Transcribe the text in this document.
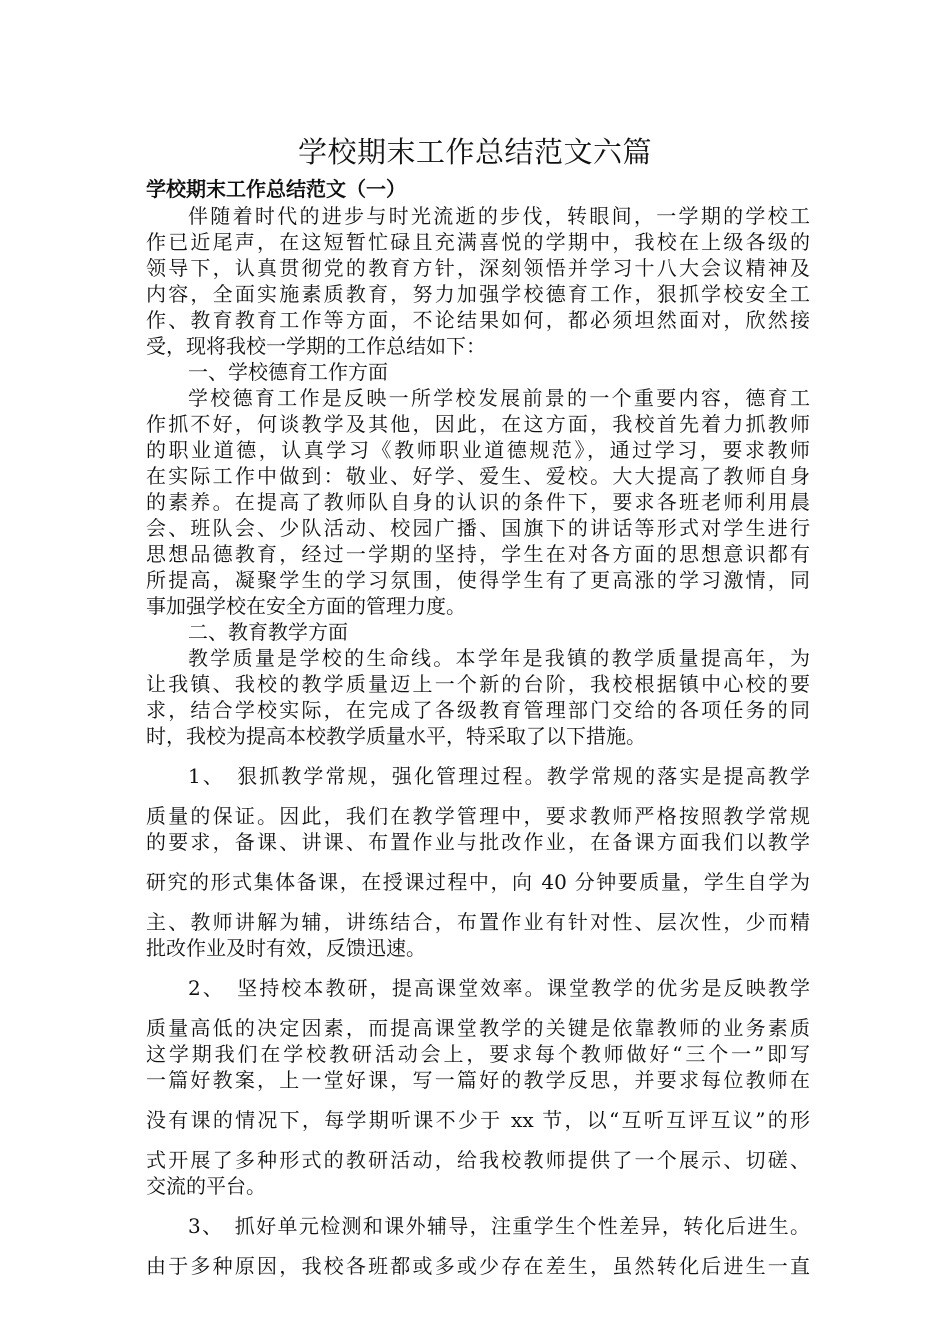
学校期末工作总结范文六篇
学校期末工作总结范文（一）
伴随着时代的进步与时光流逝的步伐，转眼间，一学期的学校工
作已近尾声，在这短暂忙碌且充满喜悦的学期中，我校在上级各级的
领导下，认真贯彻党的教育方针，深刻领悟并学习十八大会议精神及
内容，全面实施素质教育，努力加强学校德育工作，狠抓学校安全工
作、教育教育工作等方面，不论结果如何，都必须坦然面对，欣然接
受，现将我校一学期的工作总结如下：
一、学校德育工作方面
学校德育工作是反映一所学校发展前景的一个重要内容，德育工
作抓不好，何谈教学及其他，因此，在这方面，我校首先着力抓教师
的职业道德，认真学习《教师职业道德规范》，通过学习，要求教师
在实际工作中做到：敬业、好学、爱生、爱校。大大提高了教师自身
的素养。在提高了教师队自身的认识的条件下，要求各班老师利用晨
会、班队会、少队活动、校园广播、国旗下的讲话等形式对学生进行
思想品德教育，经过一学期的坚持，学生在对各方面的思想意识都有
所提高，凝聚学生的学习氛围，使得学生有了更高涨的学习激情，同
事加强学校在安全方面的管理力度。
二、教育教学方面
教学质量是学校的生命线。本学年是我镇的教学质量提高年，为
让我镇、我校的教学质量迈上一个新的台阶，我校根据镇中心校的要
求，结合学校实际，在完成了各级教育管理部门交给的各项任务的同
时，我校为提高本校教学质量水平，特采取了以下措施。
1、　狠抓教学常规，强化管理过程。教学常规的落实是提高教学
质量的保证。因此，我们在教学管理中，要求教师严格按照教学常规
的要求，备课、讲课、布置作业与批改作业，在备课方面我们以教学
研究的形式集体备课，在授课过程中，向 40 分钟要质量，学生自学为
主、教师讲解为辅，讲练结合，布置作业有针对性、层次性，少而精
批改作业及时有效，反馈迅速。
2、　坚持校本教研，提高课堂效率。课堂教学的优劣是反映教学
质量高低的决定因素，而提高课堂教学的关键是依靠教师的业务素质
这学期我们在学校教研活动会上，要求每个教师做好“三个一”即写
一篇好教案，上一堂好课，写一篇好的教学反思，并要求每位教师在
没有课的情况下，每学期听课不少于 xx 节，以“互听互评互议”的形
式开展了多种形式的教研活动，给我校教师提供了一个展示、切磋、
交流的平台。
3、　抓好单元检测和课外辅导，注重学生个性差异，转化后进生。
由于多种原因，我校各班都或多或少存在差生，虽然转化后进生一直
